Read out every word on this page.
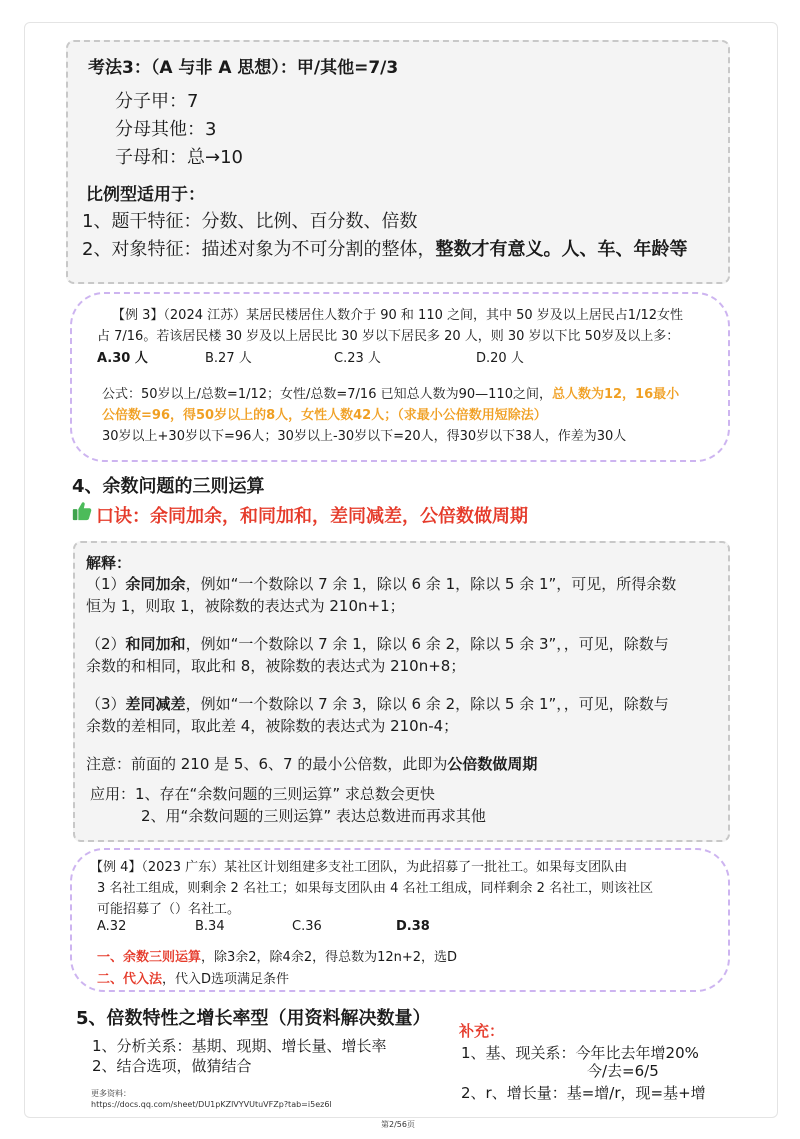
考法3：（A 与非 A 思想）：甲/其他=7/3
分子甲：7
分母其他：3
子母和：总→10
比例型适用于：
1、题干特征：分数、比例、百分数、倍数
2、对象特征：描述对象为不可分割的整体，整数才有意义。人、车、年龄等
【例 3】（2024 江苏）某居民楼居住人数介于 90 和 110 之间，其中 50 岁及以上居民占1/12女性
占 7/16。若该居民楼 30 岁及以上居民比 30 岁以下居民多 20 人，则 30 岁以下比 50岁及以上多：
A.30 人	B.27 人	C.23 人	D.20 人
公式：50岁以上/总数=1/12；女性/总数=7/16 已知总人数为90—110之间，总人数为12，16最小
公倍数=96，得50岁以上的8人，女性人数42人；（求最小公倍数用短除法）
30岁以上+30岁以下=96人；30岁以上-30岁以下=20人，得30岁以下38人，作差为30人
4、余数问题的三则运算
口诀：余同加余，和同加和，差同减差，公倍数做周期
解释：
（1）余同加余，例如“一个数除以 7 余 1，除以 6 余 1，除以 5 余 1”，可见，所得余数
恒为 1，则取 1，被除数的表达式为 210n+1；
（2）和同加和，例如“一个数除以 7 余 1，除以 6 余 2，除以 5 余 3”，，可见，除数与
余数的和相同，取此和 8，被除数的表达式为 210n+8；
（3）差同减差，例如“一个数除以 7 余 3，除以 6 余 2，除以 5 余 1”，，可见，除数与
余数的差相同，取此差 4，被除数的表达式为 210n-4；
注意：前面的 210 是 5、6、7 的最小公倍数，此即为公倍数做周期
应用：1、存在“余数问题的三则运算” 求总数会更快
2、用“余数问题的三则运算” 表达总数进而再求其他
【例 4】（2023 广东）某社区计划组建多支社工团队，为此招募了一批社工。如果每支团队由
3 名社工组成，则剩余 2 名社工；如果每支团队由 4 名社工组成，同样剩余 2 名社工，则该社区
可能招募了（）名社工。
A.32	B.34	C.36	D.38
一、余数三则运算，除3余2，除4余2，得总数为12n+2，选D
二、代入法，代入D选项满足条件
5、倍数特性之增长率型（用资料解决数量）
1、分析关系：基期、现期、增长量、增长率
2、结合选项，做猜结合
补充：
1、基、现关系：今年比去年增20%
今/去=6/5
2、r、增长量：基=增/r，现=基+增
更多资料：
https://docs.qq.com/sheet/DU1pKZlVYVUtuVFZp?tab=i5ez6l
第2/56页
